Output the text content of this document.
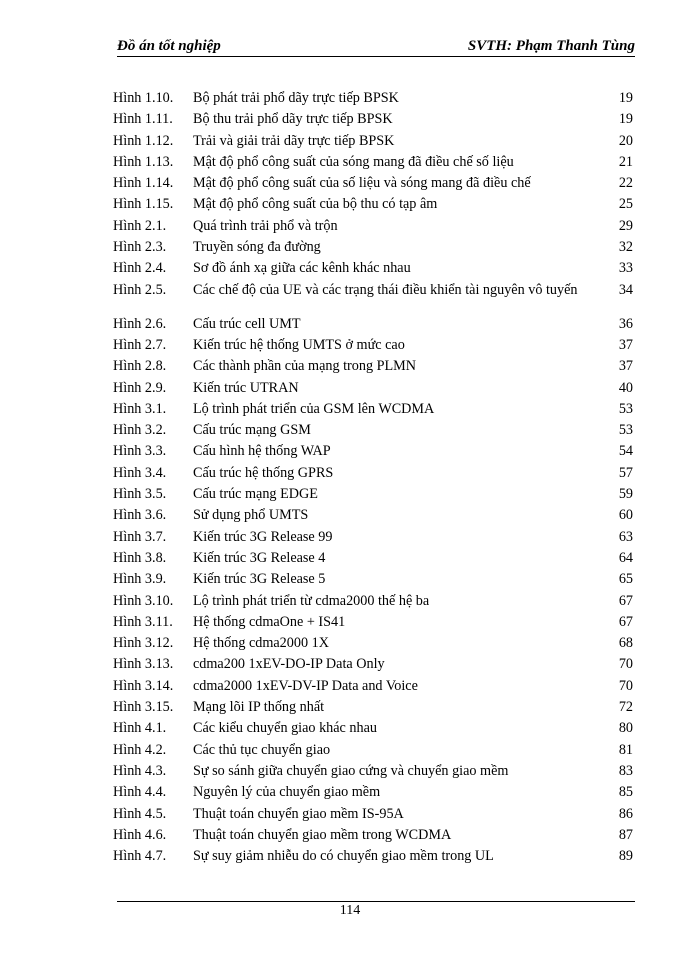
Đồ án tốt nghiệp	SVTH: Phạm Thanh Tùng
Hình 1.10. Bộ phát trải phổ dãy trực tiếp BPSK	19
Hình 1.11. Bộ thu trải phổ dãy trực tiếp BPSK	19
Hình 1.12. Trải và giải trải dãy trực tiếp BPSK	20
Hình 1.13. Mật độ phổ công suất của sóng mang đã điều chế số liệu	21
Hình 1.14. Mật độ phổ công suất của số liệu và sóng mang đã điều chế	22
Hình 1.15. Mật độ phổ công suất của bộ thu có tạp âm	25
Hình 2.1. Quá trình trải phổ và trộn	29
Hình 2.3. Truyền sóng đa đường	32
Hình 2.4. Sơ đồ ánh xạ giữa các kênh khác nhau	33
Hình 2.5. Các chế độ của UE và các trạng thái điều khiển tài nguyên vô tuyến	34
Hình 2.6. Cấu trúc cell UMT	36
Hình 2.7. Kiến trúc hệ thống UMTS ở mức cao	37
Hình 2.8. Các thành phần của mạng trong PLMN	37
Hình 2.9. Kiến trúc UTRAN	40
Hình 3.1. Lộ trình phát triển của GSM lên WCDMA	53
Hình 3.2. Cấu trúc mạng GSM	53
Hình 3.3. Cấu hình hệ thống WAP	54
Hình 3.4. Cấu trúc hệ thống GPRS	57
Hình 3.5. Cấu trúc mạng EDGE	59
Hình 3.6. Sử dụng phổ UMTS	60
Hình 3.7. Kiến trúc 3G Release 99	63
Hình 3.8. Kiến trúc 3G Release 4	64
Hình 3.9. Kiến trúc 3G Release 5	65
Hình 3.10. Lộ trình phát triển từ cdma2000 thế hệ ba	67
Hình 3.11. Hệ thống cdmaOne + IS41	67
Hình 3.12. Hệ thống cdma2000 1X	68
Hình 3.13. cdma200 1xEV-DO-IP Data Only	70
Hình 3.14. cdma2000 1xEV-DV-IP Data and Voice	70
Hình 3.15. Mạng lõi IP thống nhất	72
Hình 4.1. Các kiểu chuyển giao khác nhau	80
Hình 4.2. Các thủ tục chuyển giao	81
Hình 4.3. Sự so sánh giữa chuyển giao cứng và chuyển giao mềm	83
Hình 4.4. Nguyên lý của chuyển giao mềm	85
Hình 4.5. Thuật toán chuyển giao mềm IS-95A	86
Hình 4.6. Thuật toán chuyển giao mềm trong WCDMA	87
Hình 4.7. Sự suy giảm nhiễu do có chuyển giao mềm trong UL	89
114
